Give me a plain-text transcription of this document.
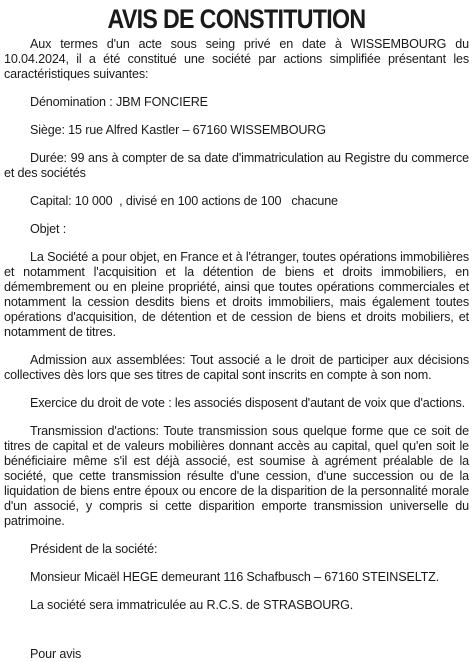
AVIS DE CONSTITUTION

Aux termes d'un acte sous seing privé en date à WISSEMBOURG du 10.04.2024, il a été constitué une société par actions simplifiée présentant les caractéristiques suivantes:

Dénomination : JBM FONCIERE

Siège: 15 rue Alfred Kastler – 67160 WISSEMBOURG

Durée: 99 ans à compter de sa date d'immatriculation au Registre du commerce et des sociétés

Capital: 10 000  , divisé en 100 actions de 100   chacune

Objet :

La Société a pour objet, en France et à l'étranger, toutes opérations immobilières et notamment l'acquisition et la détention de biens et droits immobiliers, en démembrement ou en pleine propriété, ainsi que toutes opérations commerciales et notamment la cession desdits biens et droits immobiliers, mais également toutes opérations d'acquisition, de détention et de cession de biens et droits mobiliers, et notamment de titres.

Admission aux assemblées: Tout associé a le droit de participer aux décisions collectives dès lors que ses titres de capital sont inscrits en compte à son nom.

Exercice du droit de vote : les associés disposent d'autant de voix que d'actions.

Transmission d'actions: Toute transmission sous quelque forme que ce soit de titres de capital et de valeurs mobilières donnant accès au capital, quel qu'en soit le bénéficiaire même s'il est déjà associé, est soumise à agrément préalable de la société, que cette transmission résulte d'une cession, d'une succession ou de la liquidation de biens entre époux ou encore de la disparition de la personnalité morale d'un associé, y compris si cette disparition emporte transmission universelle du patrimoine.

Président de la société:

Monsieur Micaël HEGE demeurant 116 Schafbusch – 67160 STEINSELTZ.

La société sera immatriculée au R.C.S. de STRASBOURG.

Pour avis
